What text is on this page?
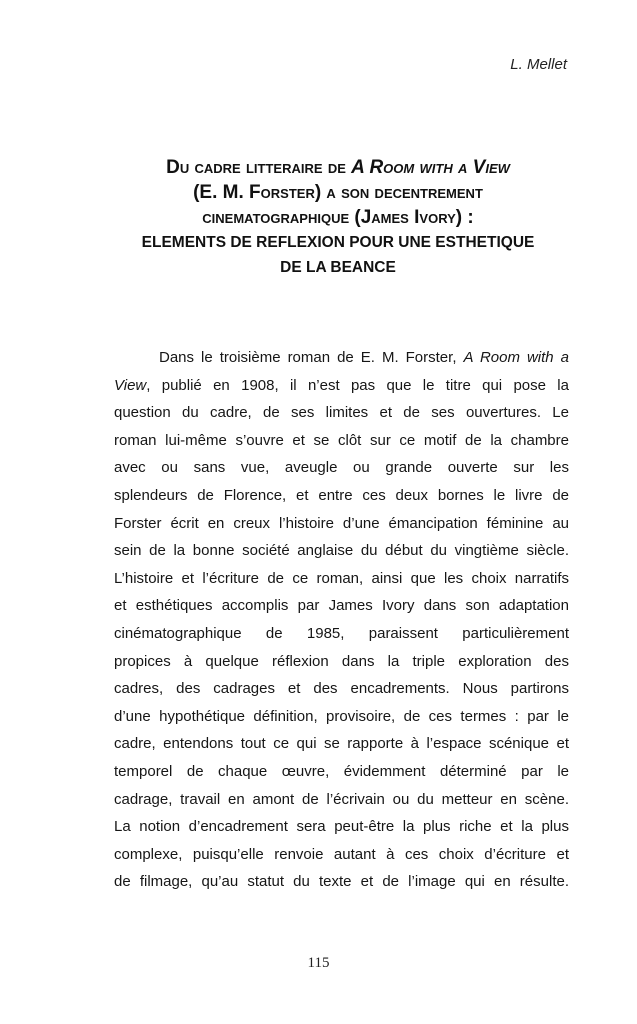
L. Mellet
Du cadre litteraire de A Room with a View
(E. M. Forster) a son decentrement
cinematographique (James Ivory) :
ELEMENTS DE REFLEXION POUR UNE ESTHETIQUE
DE LA BEANCE
Dans le troisième roman de E. M. Forster, A Room with a
View, publié en 1908, il n’est pas que le titre qui pose la
question du cadre, de ses limites et de ses ouvertures. Le
roman lui-même s’ouvre et se clôt sur ce motif de la chambre
avec ou sans vue, aveugle ou grande ouverte sur les
splendeurs de Florence, et entre ces deux bornes le livre de
Forster écrit en creux l’histoire d’une émancipation féminine au
sein de la bonne société anglaise du début du vingtième siècle.
L’histoire et l’écriture de ce roman, ainsi que les choix narratifs
et esthétiques accomplis par James Ivory dans son adaptation
cinématographique de 1985, paraissent particulièrement
propices à quelque réflexion dans la triple exploration des
cadres, des cadrages et des encadrements. Nous partirons
d’une hypothétique définition, provisoire, de ces termes : par le
cadre, entendons tout ce qui se rapporte à l’espace scénique et
temporel de chaque œuvre, évidemment déterminé par le
cadrage, travail en amont de l’écrivain ou du metteur en scène.
La notion d’encadrement sera peut-être la plus riche et la plus
complexe, puisqu’elle renvoie autant à ces choix d’écriture et
de filmage, qu’au statut du texte et de l’image qui en résulte.
115
